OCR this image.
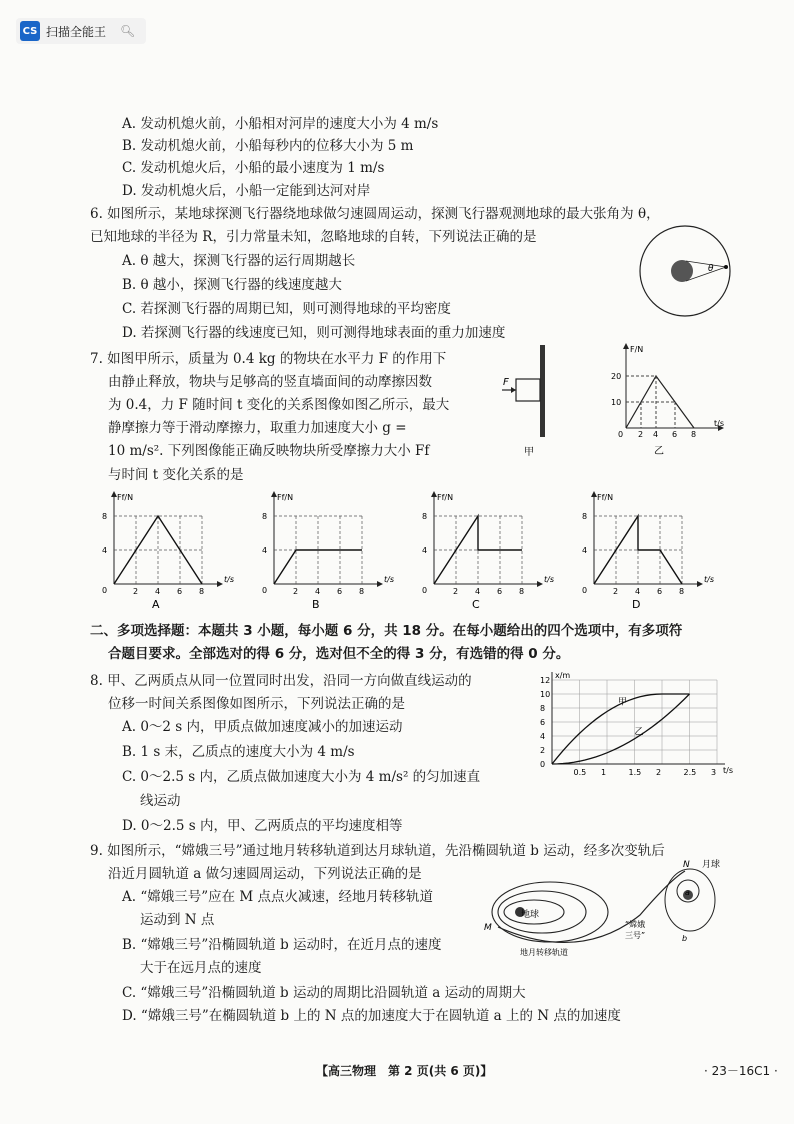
CS 扫描全能王 🔍︎
A. 发动机熄火前，小船相对河岸的速度大小为 4 m/s
B. 发动机熄火前，小船每秒内的位移大小为 5 m
C. 发动机熄火后，小船的最小速度为 1 m/s
D. 发动机熄火后，小船一定能到达河对岸
6. 如图所示，某地球探测飞行器绕地球做匀速圆周运动，探测飞行器观测地球的最大张角为 θ，
已知地球的半径为 R，引力常量未知，忽略地球的自转，下列说法正确的是
A. θ 越大，探测飞行器的运行周期越长
B. θ 越小，探测飞行器的线速度越大
C. 若探测飞行器的周期已知，则可测得地球的平均密度
D. 若探测飞行器的线速度已知，则可测得地球表面的重力加速度
θ
7. 如图甲所示，质量为 0.4 kg 的物块在水平力 F 的作用下
由静止释放，物块与足够高的竖直墙面间的动摩擦因数
为 0.4，力 F 随时间 t 变化的关系图像如图乙所示，最大
静摩擦力等于滑动摩擦力，取重力加速度大小 g =
10 m/s². 下列图像能正确反映物块所受摩擦力大小 Ff
与时间 t 变化关系的是
F
甲
F/N
t/s
20
10
0 2 4 6 8
乙
Ff/N
t/s
8
4
0	2 4 6 8
A
Ff/N
t/s
8
4
0	2 4 6 8
B
Ff/N
t/s
8
4
0	2 4 6 8
C
Ff/N
t/s
8
4
0	2 4 6 8
D
二、多项选择题：本题共 3 小题，每小题 6 分，共 18 分。在每小题给出的四个选项中，有多项符
合题目要求。全部选对的得 6 分，选对但不全的得 3 分，有选错的得 0 分。
8. 甲、乙两质点从同一位置同时出发，沿同一方向做直线运动的
位移一时间关系图像如图所示，下列说法正确的是
A. 0～2 s 内，甲质点做加速度减小的加速运动
B. 1 s 末，乙质点的速度大小为 4 m/s
C. 0～2.5 s 内，乙质点做加速度大小为 4 m/s² 的匀加速直
线运动
D. 0～2.5 s 内，甲、乙两质点的平均速度相等
x/m
t/s
12
10
8
6
4
2
0
0.5 1	1.5 2	2.5 3
甲
乙
9. 如图所示，“嫦娥三号”通过地月转移轨道到达月球轨道，先沿椭圆轨道 b 运动，经多次变轨后
沿近月圆轨道 a 做匀速圆周运动，下列说法正确的是
A. “嫦娥三号”应在 M 点点火减速，经地月转移轨道
运动到 N 点
B. “嫦娥三号”沿椭圆轨道 b 运动时，在近月点的速度
大于在远月点的速度
C. “嫦娥三号”沿椭圆轨道 b 运动的周期比沿圆轨道 a 运动的周期大
D. “嫦娥三号”在椭圆轨道 b 上的 N 点的加速度大于在圆轨道 a 上的 N 点的加速度
地球
月球
M
N
a
b
“嫦娥
三号”
地月转移轨道
【高三物理　第 2 页(共 6 页)】	· 23－16C1 ·
